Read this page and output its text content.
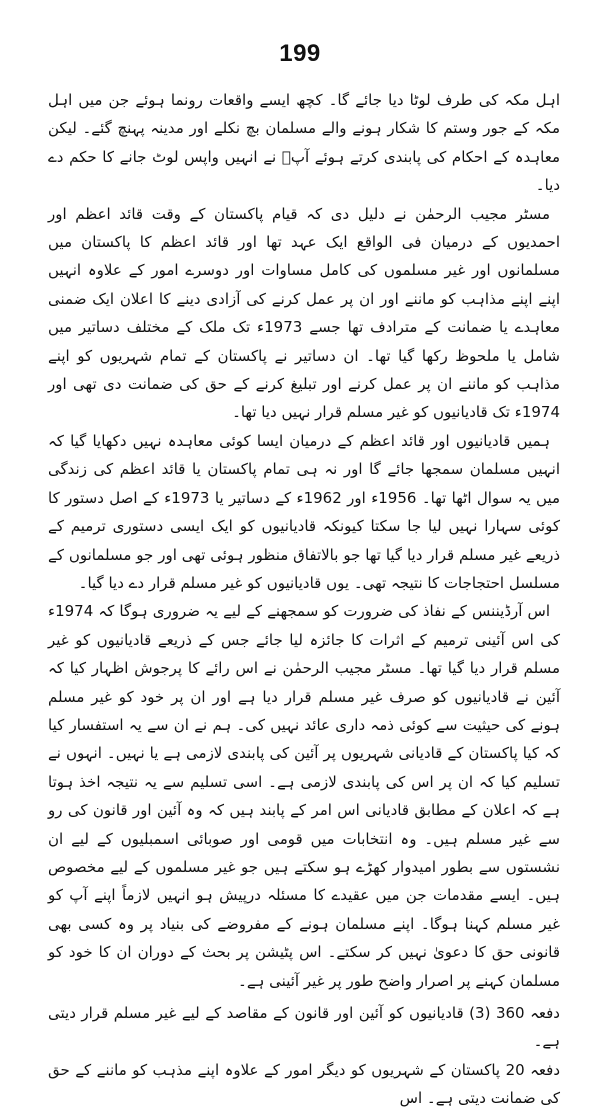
199

اہل مکہ کی طرف لوٹا دیا جائے گا۔ کچھ ایسے واقعات رونما ہوئے جن میں اہل مکہ کے جور وستم کا شکار ہونے والے مسلمان بچ نکلے اور مدینہ پہنچ گئے۔ لیکن معاہدہ کے احکام کی پابندی کرتے ہوئے آپؐ نے انہیں واپس لوٹ جانے کا حکم دے دیا۔

مسٹر مجیب الرحمٰن نے دلیل دی کہ قیام پاکستان کے وقت قائد اعظم اور احمدیوں کے درمیان فی الواقع ایک عہد تھا اور قائد اعظم کا پاکستان میں مسلمانوں اور غیر مسلموں کی کامل مساوات اور دوسرے امور کے علاوہ انہیں اپنے اپنے مذاہب کو ماننے اور ان پر عمل کرنے کی آزادی دینے کا اعلان ایک ضمنی معاہدے یا ضمانت کے مترادف تھا جسے 1973ء تک ملک کے مختلف دساتیر میں شامل یا ملحوظ رکھا گیا تھا۔ ان دساتیر نے پاکستان کے تمام شہریوں کو اپنے مذاہب کو ماننے ان پر عمل کرنے اور تبلیغ کرنے کے حق کی ضمانت دی تھی اور 1974ء تک قادیانیوں کو غیر مسلم قرار نہیں دیا تھا۔

ہمیں قادیانیوں اور قائد اعظم کے درمیان ایسا کوئی معاہدہ نہیں دکھایا گیا کہ انہیں مسلمان سمجھا جائے گا اور نہ ہی تمام پاکستان یا قائد اعظم کی زندگی میں یہ سوال اٹھا تھا۔ 1956ء اور 1962ء کے دساتیر یا 1973ء کے اصل دستور کا کوئی سہارا نہیں لیا جا سکتا کیونکہ قادیانیوں کو ایک ایسی دستوری ترمیم کے ذریعے غیر مسلم قرار دیا گیا تھا جو بالاتفاق منظور ہوئی تھی اور جو مسلمانوں کے مسلسل احتجاجات کا نتیجہ تھی۔ یوں قادیانیوں کو غیر مسلم قرار دے دیا گیا۔

اس آرڈیننس کے نفاذ کی ضرورت کو سمجھنے کے لیے یہ ضروری ہوگا کہ 1974ء کی اس آئینی ترمیم کے اثرات کا جائزہ لیا جائے جس کے ذریعے قادیانیوں کو غیر مسلم قرار دیا گیا تھا۔ مسٹر مجیب الرحمٰن نے اس رائے کا پرجوش اظہار کیا کہ آئین نے قادیانیوں کو صرف غیر مسلم قرار دیا ہے اور ان پر خود کو غیر مسلم ہونے کی حیثیت سے کوئی ذمہ داری عائد نہیں کی۔ ہم نے ان سے یہ استفسار کیا کہ کیا پاکستان کے قادیانی شہریوں پر آئین کی پابندی لازمی ہے یا نہیں۔ انہوں نے تسلیم کیا کہ ان پر اس کی پابندی لازمی ہے۔ اسی تسلیم سے یہ نتیجہ اخذ ہوتا ہے کہ اعلان کے مطابق قادیانی اس امر کے پابند ہیں کہ وہ آئین اور قانون کی رو سے غیر مسلم ہیں۔ وہ انتخابات میں قومی اور صوبائی اسمبلیوں کے لیے ان نشستوں سے بطور امیدوار کھڑے ہو سکتے ہیں جو غیر مسلموں کے لیے مخصوص ہیں۔ ایسے مقدمات جن میں عقیدے کا مسئلہ درپیش ہو انہیں لازماً اپنے آپ کو غیر مسلم کہنا ہوگا۔ اپنے مسلمان ہونے کے مفروضے کی بنیاد پر وہ کسی بھی قانونی حق کا دعویٰ نہیں کر سکتے۔ اس پٹیشن پر بحث کے دوران ان کا خود کو مسلمان کہنے پر اصرار واضح طور پر غیر آئینی ہے۔

دفعہ 360 (3) قادیانیوں کو آئین اور قانون کے مقاصد کے لیے غیر مسلم قرار دیتی ہے۔

دفعہ 20 پاکستان کے شہریوں کو دیگر امور کے علاوہ اپنے مذہب کو ماننے کے حق کی ضمانت دیتی ہے۔ اس
